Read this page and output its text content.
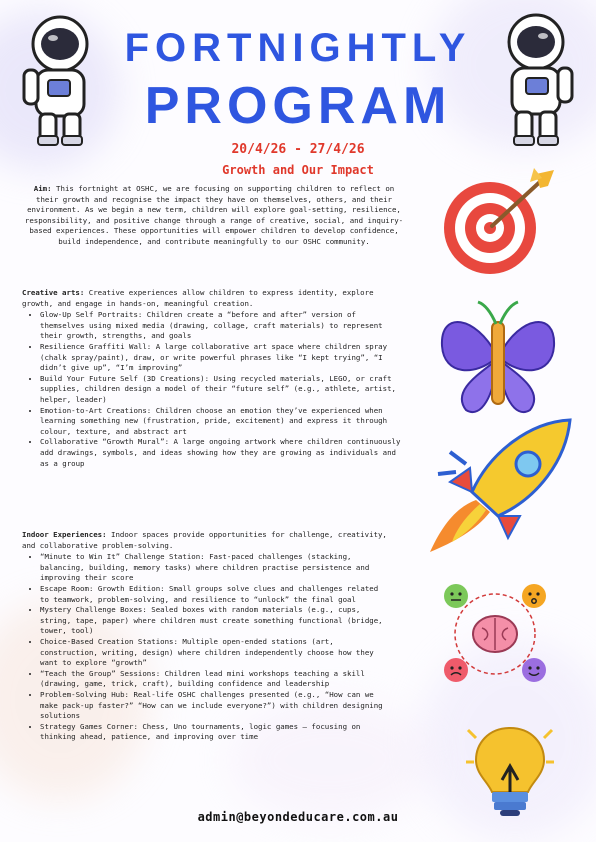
FORTNIGHTLY
PROGRAM
20/4/26 - 27/4/26
Growth and Our Impact
Aim: This fortnight at OSHC, we are focusing on supporting children to reflect on their growth and recognise the impact they have on themselves, others, and their environment. As we begin a new term, children will explore goal-setting, resilience, responsibility, and positive change through a range of creative, social, and inquiry-based experiences. These opportunities will empower children to develop confidence, build independence, and contribute meaningfully to our OSHC community.
Creative arts: Creative experiences allow children to express identity, explore growth, and engage in hands-on, meaningful creation.
• Glow-Up Self Portraits: Children create a “before and after” version of themselves using mixed media (drawing, collage, craft materials) to represent their growth, strengths, and goals
• Resilience Graffiti Wall: A large collaborative art space where children spray (chalk spray/paint), draw, or write powerful phrases like “I kept trying”, “I didn’t give up”, “I’m improving”
• Build Your Future Self (3D Creations): Using recycled materials, LEGO, or craft supplies, children design a model of their “future self” (e.g., athlete, artist, helper, leader)
• Emotion-to-Art Creations: Children choose an emotion they’ve experienced when learning something new (frustration, pride, excitement) and express it through colour, texture, and abstract art
• Collaborative “Growth Mural”: A large ongoing artwork where children continuously add drawings, symbols, and ideas showing how they are growing as individuals and as a group
Indoor Experiences: Indoor spaces provide opportunities for challenge, creativity, and collaborative problem-solving.
• “Minute to Win It” Challenge Station: Fast-paced challenges (stacking, balancing, building, memory tasks) where children practise persistence and improving their score
• Escape Room: Growth Edition: Small groups solve clues and challenges related to teamwork, problem-solving, and resilience to “unlock” the final goal
• Mystery Challenge Boxes: Sealed boxes with random materials (e.g., cups, string, tape, paper) where children must create something functional (bridge, tower, tool)
• Choice-Based Creation Stations: Multiple open-ended stations (art, construction, writing, design) where children independently choose how they want to explore “growth”
• “Teach the Group” Sessions: Children lead mini workshops teaching a skill (drawing, game, trick, craft), building confidence and leadership
• Problem-Solving Hub: Real-life OSHC challenges presented (e.g., “How can we make pack-up faster?” “How can we include everyone?”) with children designing solutions
• Strategy Games Corner: Chess, Uno tournaments, logic games — focusing on thinking ahead, patience, and improving over time
admin@beyondeducare.com.au
